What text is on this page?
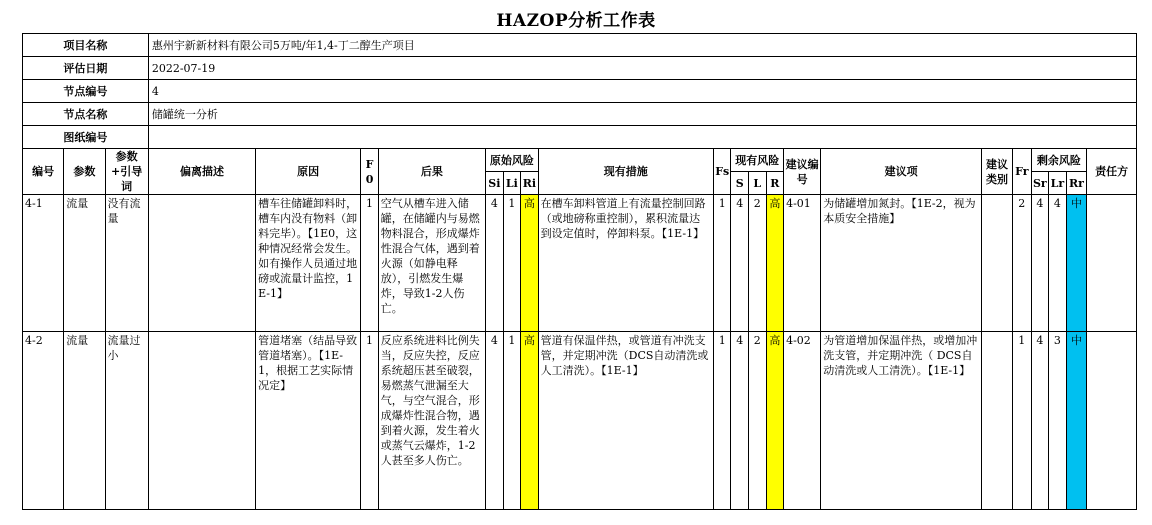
HAZOP分析工作表
项目名称			惠州宇新新材料有限公司5万吨/年1,4-丁二醇生产项目																			
评估日期			2022-07-19																			
节点编号			4																			
节点名称			储罐统一分析																			
图纸编号																						
编号	参数	参数+引导词	偏离描述	原因	F0	后果	原始风险			现有措施	Fs	现有风险			建议编号	建议项	建议类别	Fr	剩余风险			责任方
							Si	Li	Ri			S	L	R					Sr	Lr	Rr	
4-1	流量	没有流量		槽车往储罐卸料时，槽车内没有物料（卸料完毕）。【1E0，这种情况经常会发生。如有操作人员通过地磅或流量计监控，1E-1】	1	空气从槽车进入储罐，在储罐内与易燃物料混合，形成爆炸性混合气体，遇到着火源（如静电释放），引燃发生爆炸，导致1-2人伤亡。	4	1	高	在槽车卸料管道上有流量控制回路（或地磅称重控制），累积流量达到设定值时，停卸料泵。【1E-1】	1	4	2	高	4-01	为储罐增加氮封。【1E-2，视为本质安全措施】		2	4	4	中	
4-2	流量	流量过小		管道堵塞（结晶导致管道堵塞）。【1E-1，根据工艺实际情况定】	1	反应系统进料比例失当，反应失控，反应系统超压甚至破裂，易燃蒸气泄漏至大气，与空气混合，形成爆炸性混合物，遇到着火源，发生着火或蒸气云爆炸，1-2人甚至多人伤亡。	4	1	高	管道有保温伴热，或管道有冲洗支管，并定期冲洗（DCS自动清洗或人工清洗）。【1E-1】	1	4	2	高	4-02	为管道增加保温伴热，或增加冲洗支管，并定期冲洗（ DCS自动清洗或人工清洗）。【1E-1】		1	4	3	中	
